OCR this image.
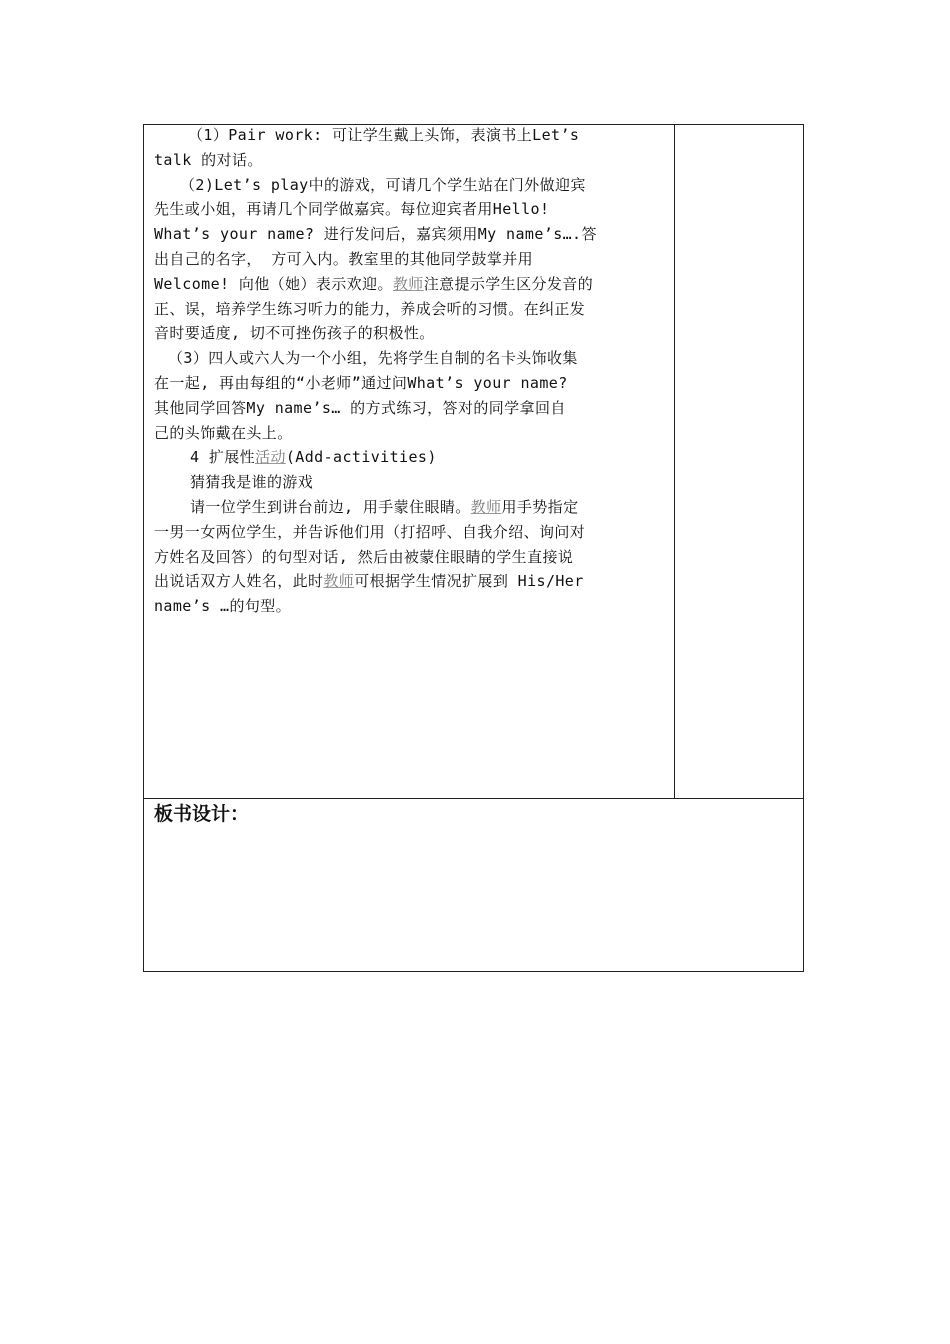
（1）Pair work: 可让学生戴上头饰，表演书上Let’s
talk 的对话。
（2)Let’s play中的游戏，可请几个学生站在门外做迎宾
先生或小姐，再请几个同学做嘉宾。每位迎宾者用Hello!
What’s your name? 进行发问后，嘉宾须用My name’s….答
出自己的名字， 方可入内。教室里的其他同学鼓掌并用
Welcome! 向他（她）表示欢迎。教师注意提示学生区分发音的
正、误，培养学生练习听力的能力，养成会听的习惯。在纠正发
音时要适度, 切不可挫伤孩子的积极性。
（3）四人或六人为一个小组，先将学生自制的名卡头饰收集
在一起, 再由每组的“小老师”通过问What’s your name?
其他同学回答My name’s… 的方式练习，答对的同学拿回自
己的头饰戴在头上。
4 扩展性活动(Add-activities)
猜猜我是谁的游戏
请一位学生到讲台前边, 用手蒙住眼睛。教师用手势指定
一男一女两位学生，并告诉他们用（打招呼、自我介绍、询问对
方姓名及回答）的句型对话, 然后由被蒙住眼睛的学生直接说
出说话双方人姓名，此时教师可根据学生情况扩展到 His/Her
name’s …的句型。
板书设计：
